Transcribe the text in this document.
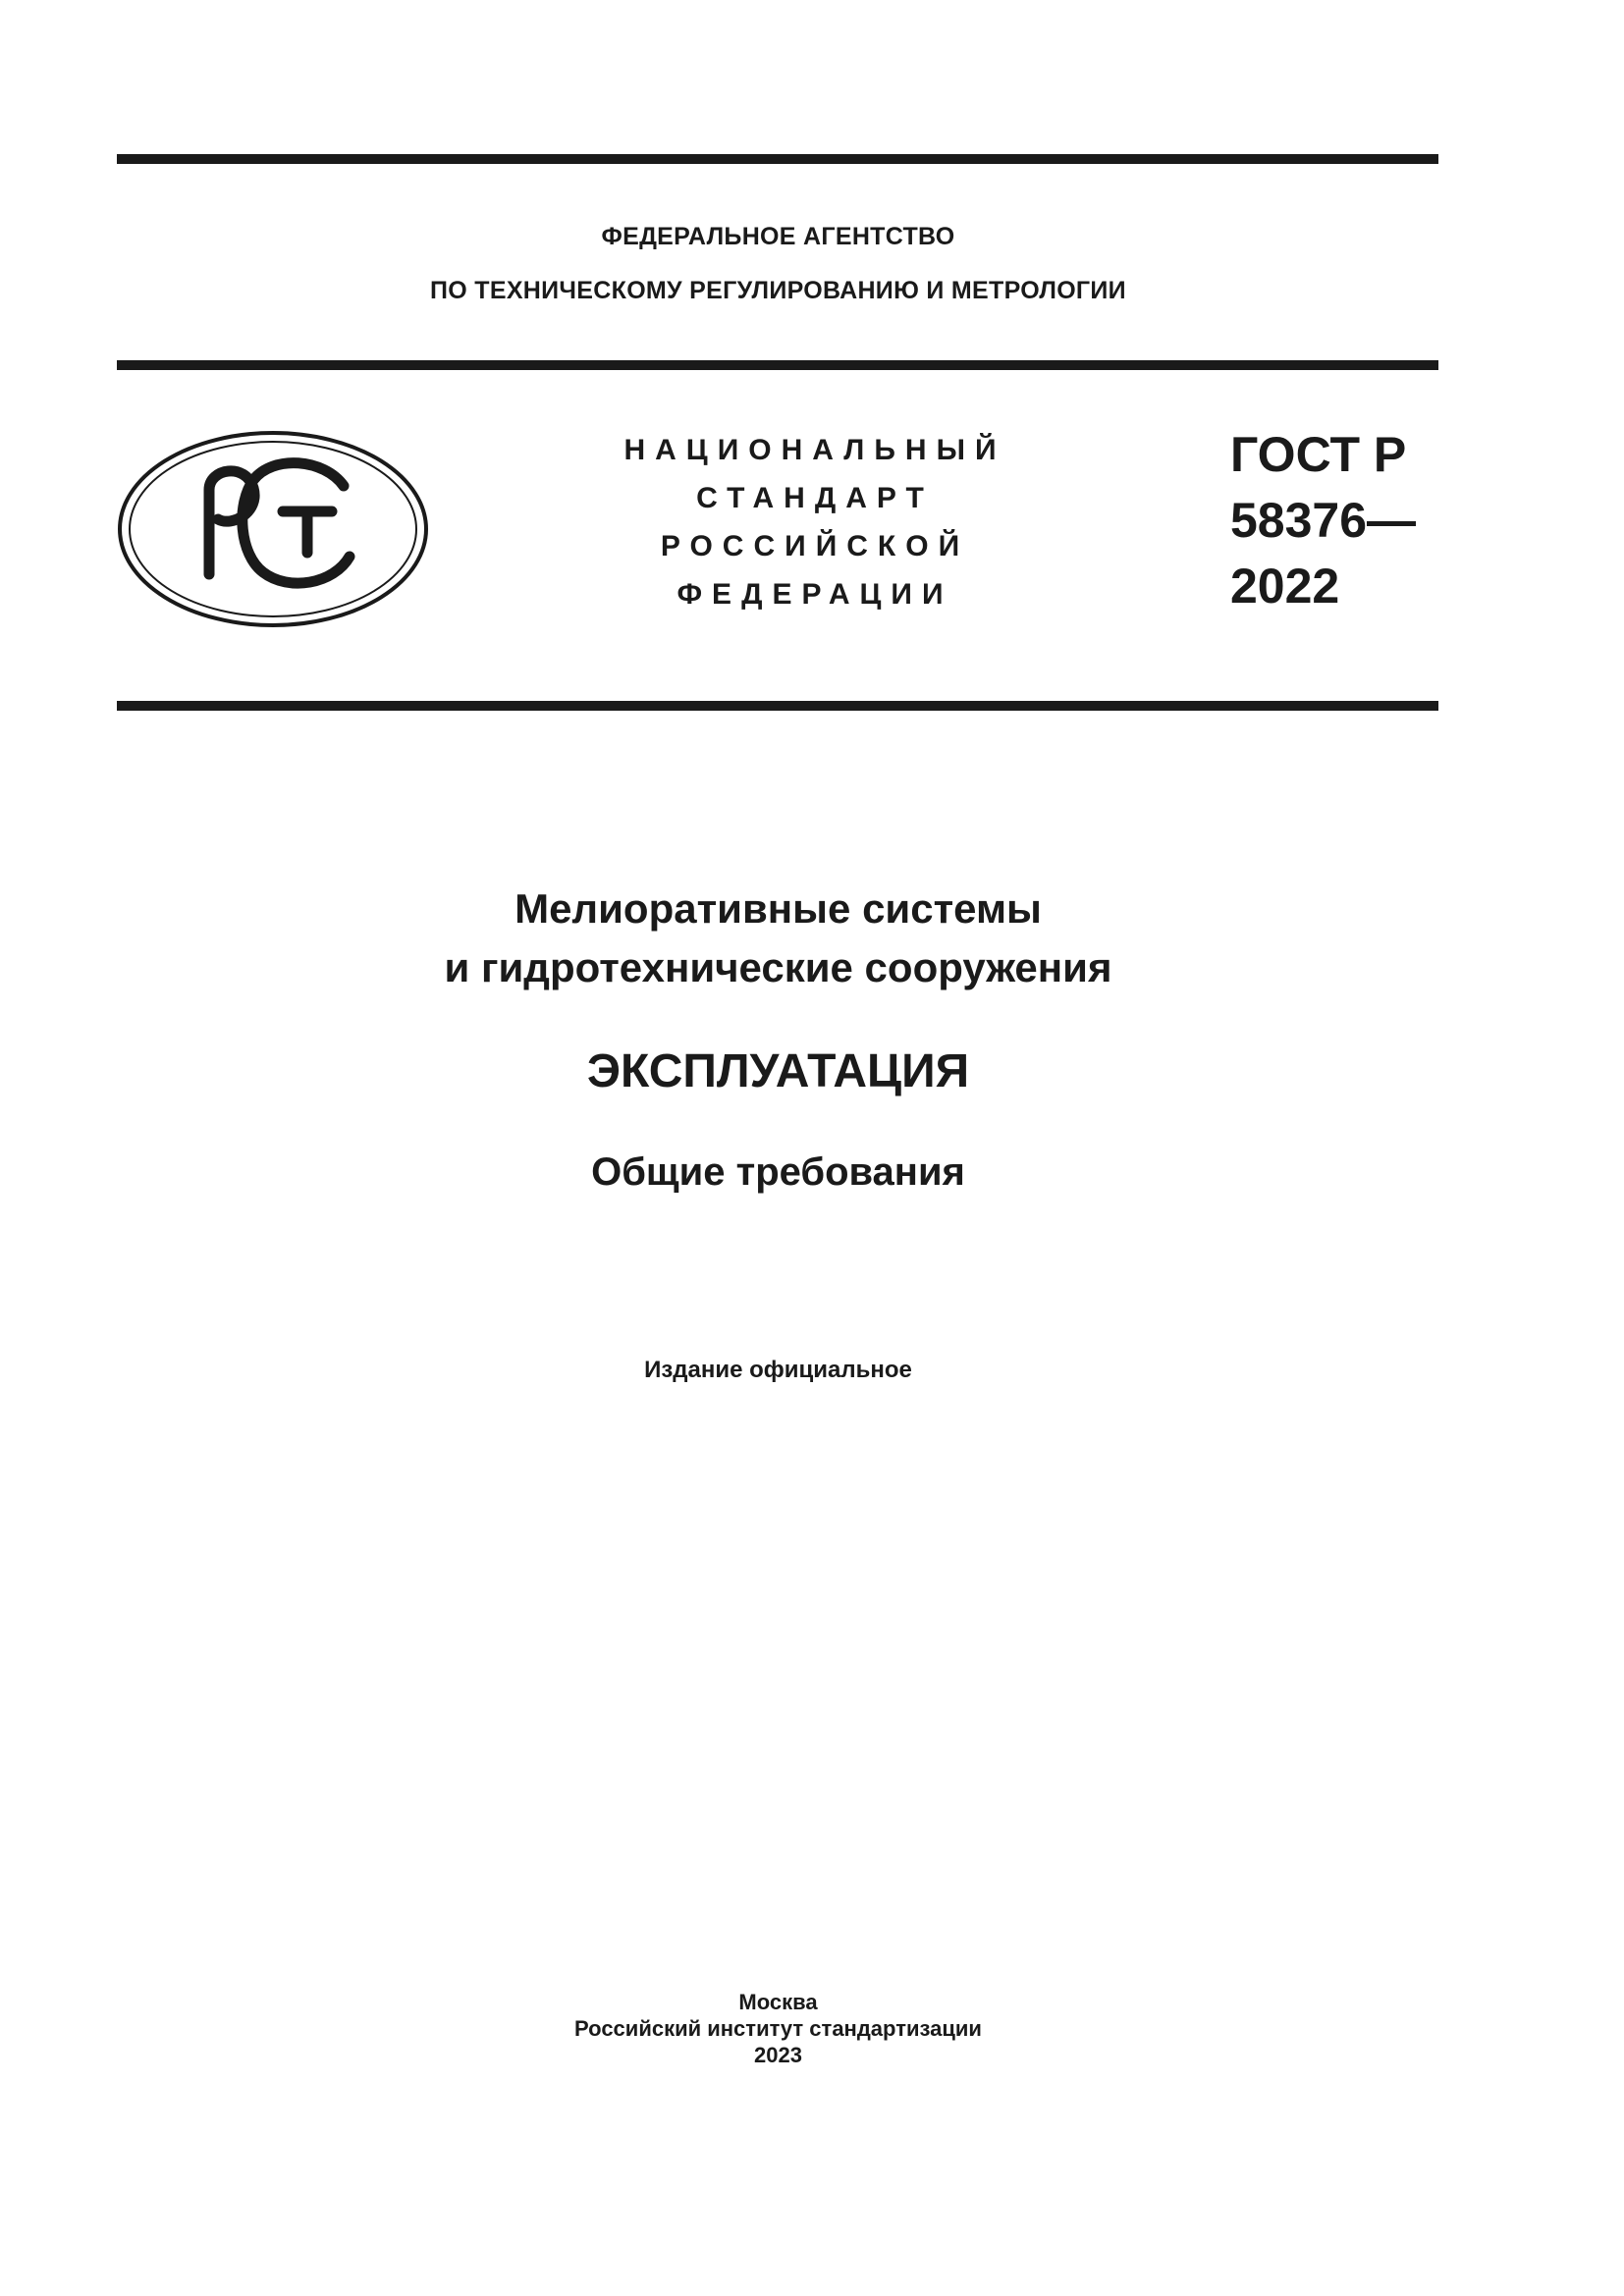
ФЕДЕРАЛЬНОЕ АГЕНТСТВО
ПО ТЕХНИЧЕСКОМУ РЕГУЛИРОВАНИЮ И МЕТРОЛОГИИ
НАЦИОНАЛЬНЫЙ
СТАНДАРТ
РОССИЙСКОЙ
ФЕДЕРАЦИИ
ГОСТ Р
58376—
2022
Мелиоративные системы
и гидротехнические сооружения
ЭКСПЛУАТАЦИЯ
Общие требования
Издание официальное
Москва
Российский институт стандартизации
2023
